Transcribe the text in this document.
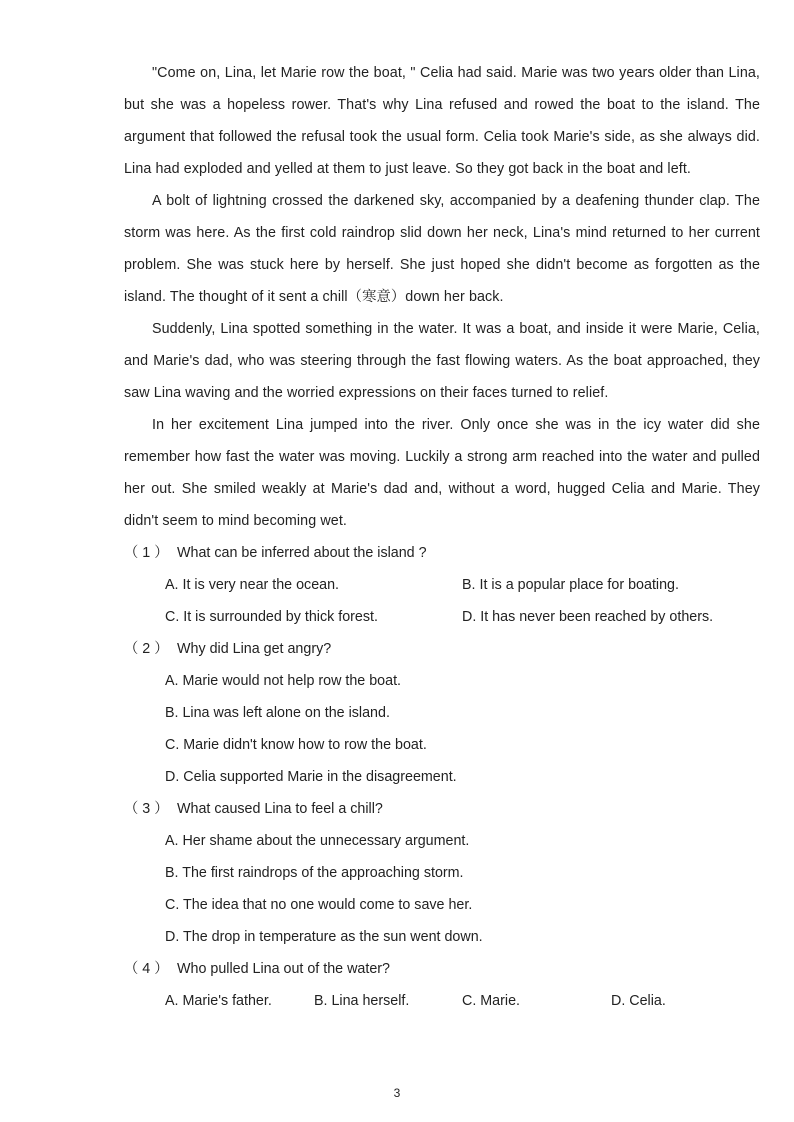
"Come on, Lina, let Marie row the boat, " Celia had said. Marie was two years older than Lina, but she was a hopeless rower. That's why Lina refused and rowed the boat to the island. The argument that followed the refusal took the usual form. Celia took Marie's side, as she always did. Lina had exploded and yelled at them to just leave. So they got back in the boat and left.

A bolt of lightning crossed the darkened sky, accompanied by a deafening thunder clap. The storm was here. As the first cold raindrop slid down her neck, Lina's mind returned to her current problem. She was stuck here by herself. She just hoped she didn't become as forgotten as the island. The thought of it sent a chill（寒意）down her back.

Suddenly, Lina spotted something in the water. It was a boat, and inside it were Marie, Celia, and Marie's dad, who was steering through the fast flowing waters. As the boat approached, they saw Lina waving and the worried expressions on their faces turned to relief.

In her excitement Lina jumped into the river. Only once she was in the icy water did she remember how fast the water was moving. Luckily a strong arm reached into the water and pulled her out. She smiled weakly at Marie's dad and, without a word, hugged Celia and Marie. They didn't seem to mind becoming wet.

（ 1 ） What can be inferred about the island ?
A. It is very near the ocean.	B. It is a popular place for boating.
C. It is surrounded by thick forest.	D. It has never been reached by others.
（ 2 ） Why did Lina get angry?
A. Marie would not help row the boat.
B. Lina was left alone on the island.
C. Marie didn't know how to row the boat.
D. Celia supported Marie in the disagreement.
（ 3 ） What caused Lina to feel a chill?
A. Her shame about the unnecessary argument.
B. The first raindrops of the approaching storm.
C. The idea that no one would come to save her.
D. The drop in temperature as the sun went down.
（ 4 ） Who pulled Lina out of the water?
A. Marie's father.	B. Lina herself.	C. Marie.	D. Celia.
3
